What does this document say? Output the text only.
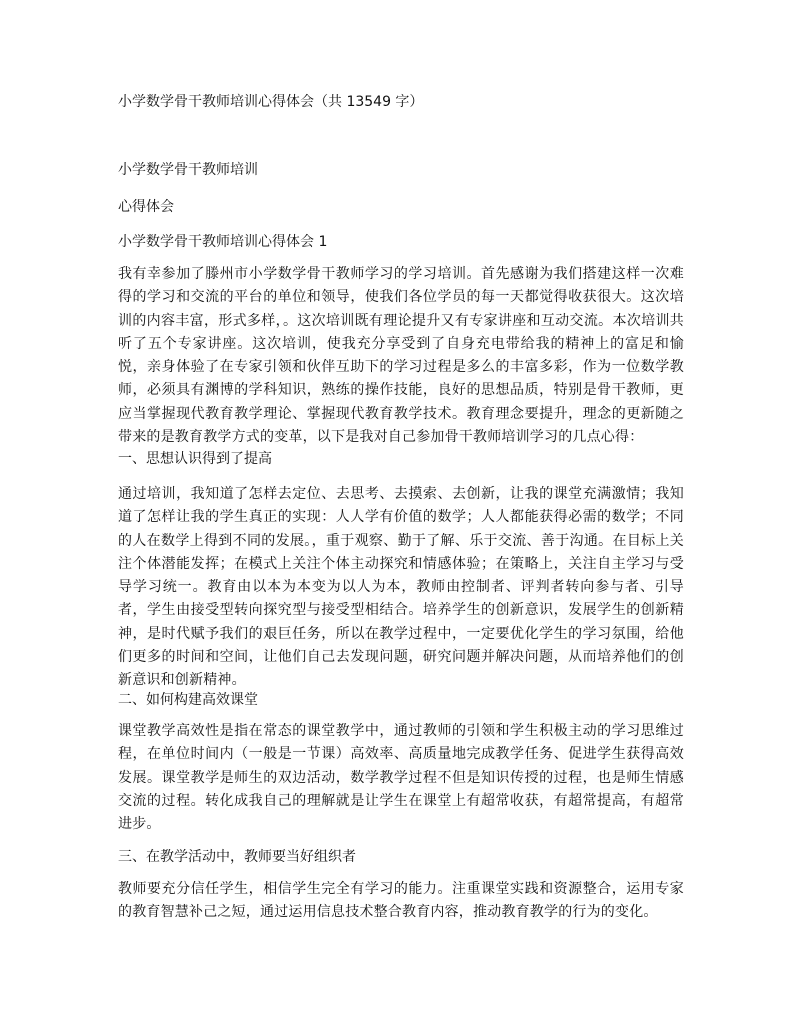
小学数学骨干教师培训心得体会（共 13549 字）
小学数学骨干教师培训
心得体会
小学数学骨干教师培训心得体会 1
我有幸参加了滕州市小学数学骨干教师学习的学习培训。首先感谢为我们搭建这样一次难得的学习和交流的平台的单位和领导，使我们各位学员的每一天都觉得收获很大。这次培训的内容丰富，形式多样，。这次培训既有理论提升又有专家讲座和互动交流。本次培训共听了五个专家讲座。这次培训，使我充分享受到了自身充电带给我的精神上的富足和愉悦，亲身体验了在专家引领和伙伴互助下的学习过程是多么的丰富多彩，作为一位数学教师，必须具有渊博的学科知识，熟练的操作技能，良好的思想品质，特别是骨干教师，更应当掌握现代教育教学理论、掌握现代教育教学技术。教育理念要提升，理念的更新随之带来的是教育教学方式的变革，以下是我对自己参加骨干教师培训学习的几点心得：
一、思想认识得到了提高
通过培训，我知道了怎样去定位、去思考、去摸索、去创新，让我的课堂充满激情；我知道了怎样让我的学生真正的实现：人人学有价值的数学；人人都能获得必需的数学；不同的人在数学上得到不同的发展。，重于观察、勤于了解、乐于交流、善于沟通。在目标上关注个体潜能发挥；在模式上关注个体主动探究和情感体验；在策略上，关注自主学习与受导学习统一。教育由以本为本变为以人为本，教师由控制者、评判者转向参与者、引导者，学生由接受型转向探究型与接受型相结合。培养学生的创新意识，发展学生的创新精神，是时代赋予我们的艰巨任务，所以在教学过程中，一定要优化学生的学习氛围，给他们更多的时间和空间，让他们自己去发现问题，研究问题并解决问题，从而培养他们的创新意识和创新精神。
二、如何构建高效课堂
课堂教学高效性是指在常态的课堂教学中，通过教师的引领和学生积极主动的学习思维过程，在单位时间内（一般是一节课）高效率、高质量地完成教学任务、促进学生获得高效发展。课堂教学是师生的双边活动，数学教学过程不但是知识传授的过程，也是师生情感交流的过程。转化成我自己的理解就是让学生在课堂上有超常收获，有超常提高，有超常进步。
三、在教学活动中，教师要当好组织者
教师要充分信任学生，相信学生完全有学习的能力。注重课堂实践和资源整合，运用专家的教育智慧补己之短，通过运用信息技术整合教育内容，推动教育教学的行为的变化。
